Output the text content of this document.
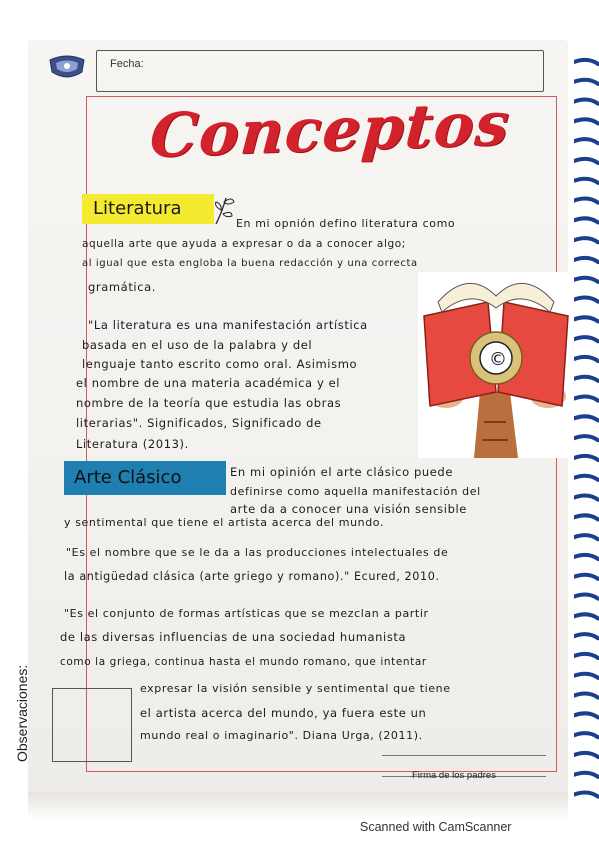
Fecha:
Conceptos
Literatura
En mi opnión defino literatura como
aquella arte que ayuda a expresar o da a conocer algo;
al igual que esta engloba la buena redacción y una correcta
gramática.
"La literatura es una manifestación artística
basada en el uso de la palabra y del
lenguaje tanto escrito como oral. Asimismo
el nombre de una materia académica y el
nombre de la teoría que estudia las obras
literarias". Significados, Significado de
Literatura (2013).
©
Arte Clásico	En mi opinión el arte clásico puede
definirse como aquella manifestación del
arte da a conocer una visión sensible
y sentimental que tiene el artista acerca del mundo.
"Es el nombre que se le da a las producciones intelectuales de
la antigüedad clásica (arte griego y romano)." Ecured, 2010.
"Es el conjunto de formas artísticas que se mezclan a partir
de las diversas influencias de una sociedad humanista
como la griega, continua hasta el mundo romano, que intentar
expresar la visión sensible y sentimental que tiene
el artista acerca del mundo, ya fuera este un
mundo real o imaginario". Diana Urga, (2011).
Observaciones:
Firma de los padres
Scanned with CamScanner
